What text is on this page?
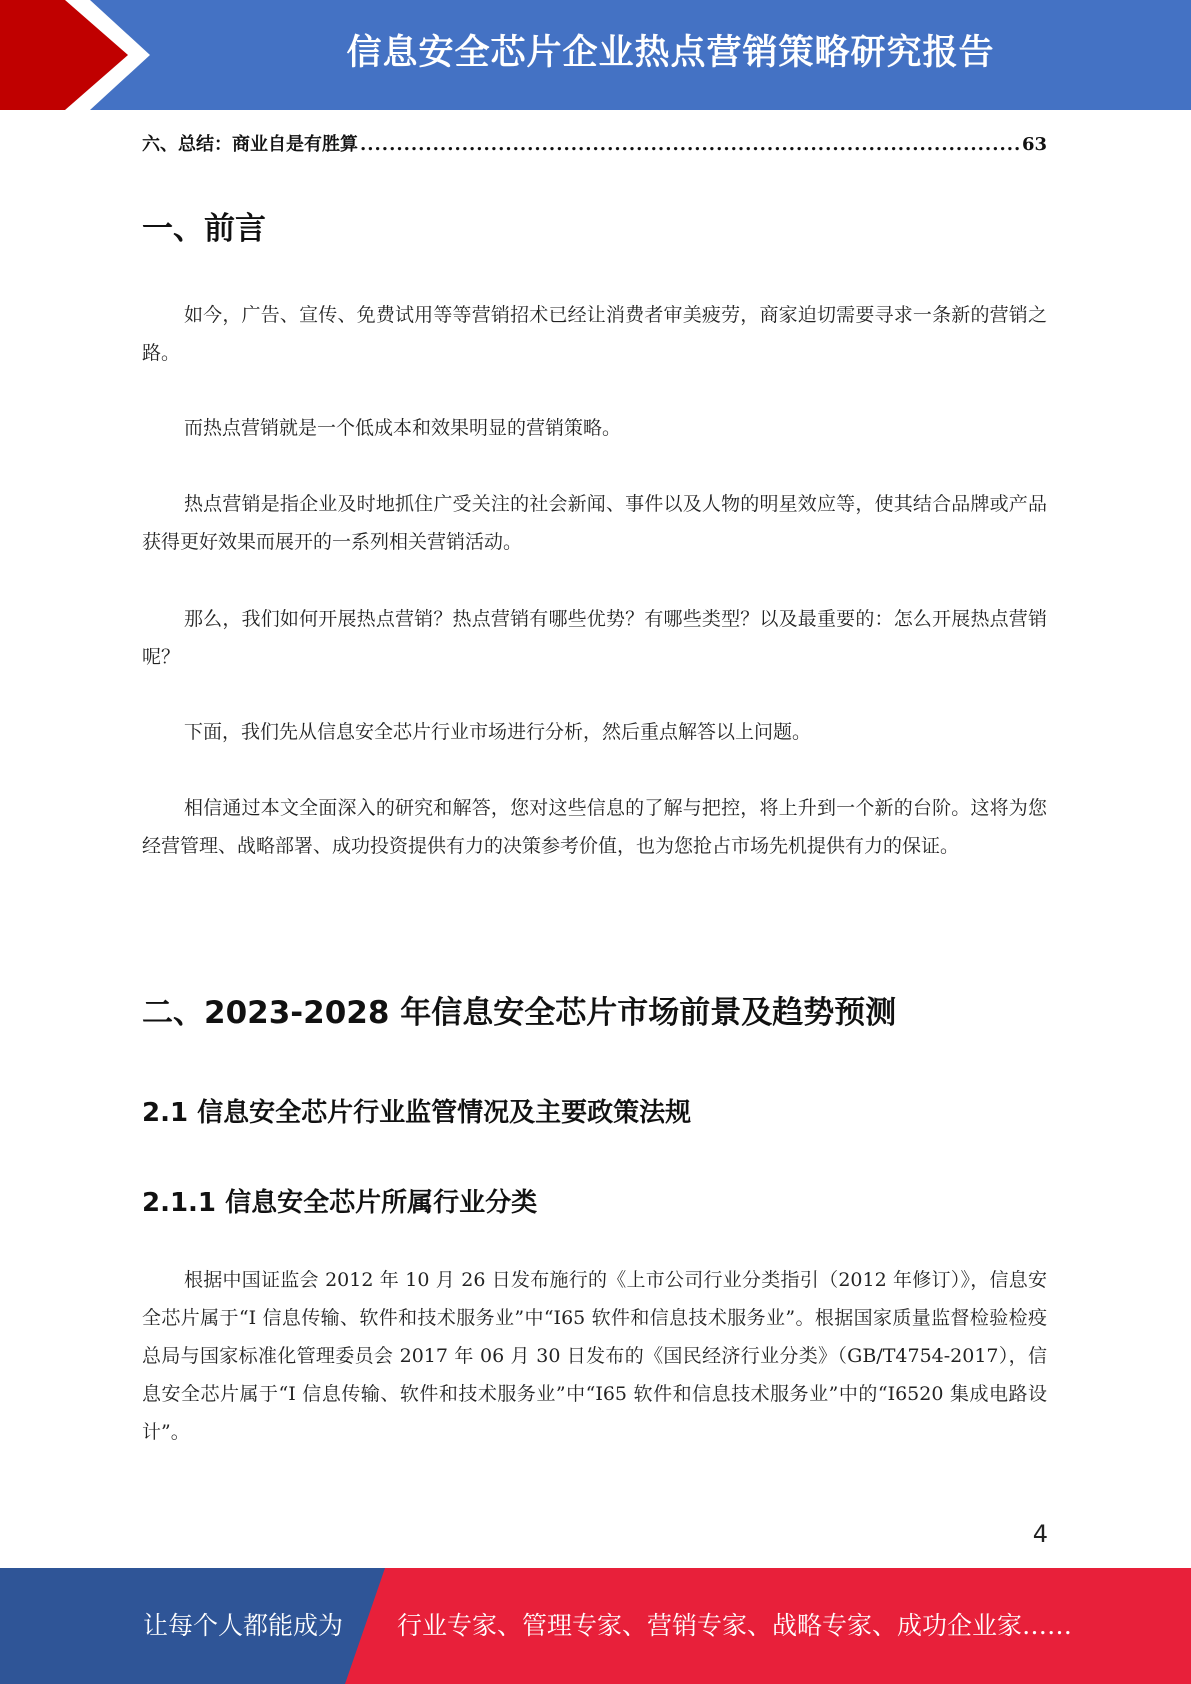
信息安全芯片企业热点营销策略研究报告
六、总结：商业自是有胜算
.....	63
一、前言

如今，广告、宣传、免费试用等等营销招术已经让消费者审美疲劳，商家迫切需要寻求一条新的营销之路。

而热点营销就是一个低成本和效果明显的营销策略。

热点营销是指企业及时地抓住广受关注的社会新闻、事件以及人物的明星效应等，使其结合品牌或产品获得更好效果而展开的一系列相关营销活动。

那么，我们如何开展热点营销？热点营销有哪些优势？有哪些类型？以及最重要的：怎么开展热点营销呢？

下面，我们先从信息安全芯片行业市场进行分析，然后重点解答以上问题。

相信通过本文全面深入的研究和解答，您对这些信息的了解与把控，将上升到一个新的台阶。这将为您经营管理、战略部署、成功投资提供有力的决策参考价值，也为您抢占市场先机提供有力的保证。

二、2023-2028 年信息安全芯片市场前景及趋势预测
2.1 信息安全芯片行业监管情况及主要政策法规
2.1.1 信息安全芯片所属行业分类

根据中国证监会 2012 年 10 月 26 日发布施行的《上市公司行业分类指引（2012 年修订）》，信息安全芯片属于“I 信息传输、软件和技术服务业”中“I65 软件和信息技术服务业”。根据国家质量监督检验检疫总局与国家标准化管理委员会 2017 年 06 月 30 日发布的《国民经济行业分类》（GB/T4754-2017），信息安全芯片属于“I 信息传输、软件和技术服务业”中“I65 软件和信息技术服务业”中的“I6520 集成电路设计”。

4
让每个人都能成为 行业专家、管理专家、营销专家、战略专家、成功企业家……
